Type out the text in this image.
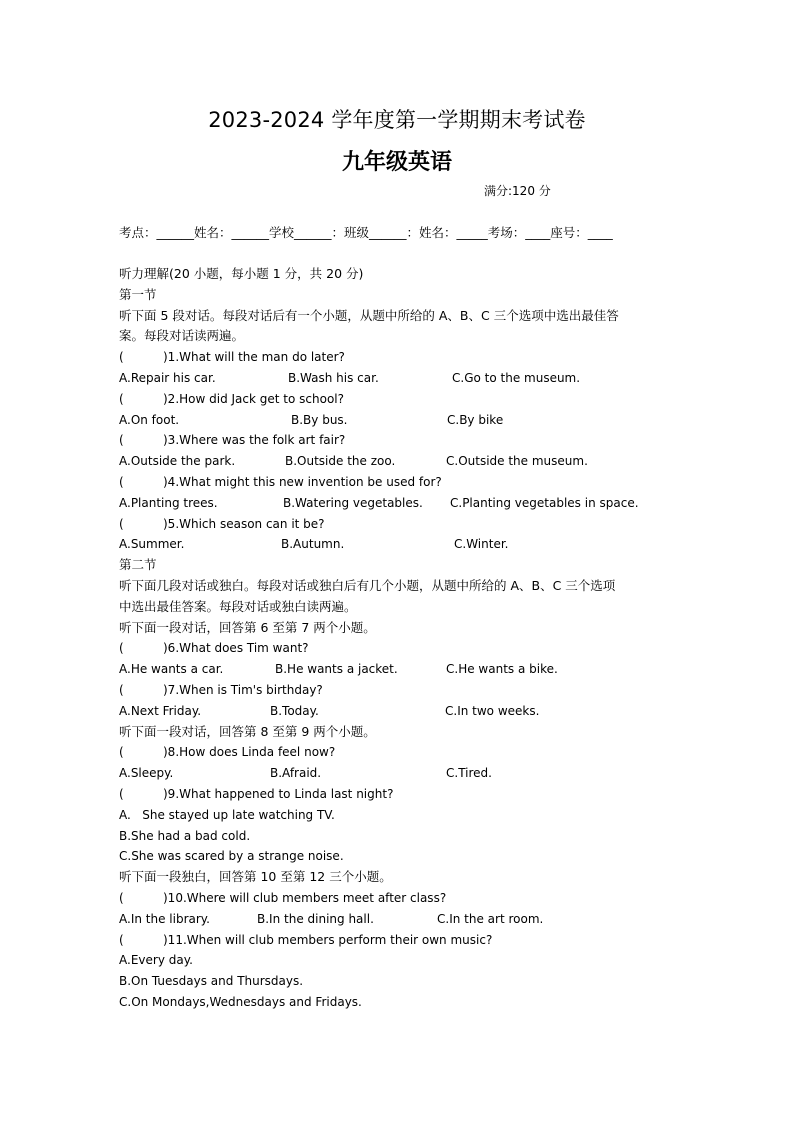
2023-2024 学年度第一学期期末考试卷
九年级英语
满分:120 分
考点：______姓名：______学校______：班级______：姓名：_____考场：____座号：____
听力理解(20 小题，每小题 1 分，共 20 分)
第一节
听下面 5 段对话。每段对话后有一个小题，从题中所给的 A、B、C 三个选项中选出最佳答
案。每段对话读两遍。
(	)1.What will the man do later?
A.Repair his car.	B.Wash his car.	C.Go to the museum.
(	)2.How did Jack get to school?
A.On foot.	B.By bus.	C.By bike
(	)3.Where was the folk art fair?
A.Outside the park.	B.Outside the zoo.	C.Outside the museum.
(	)4.What might this new invention be used for?
A.Planting trees.	B.Watering vegetables. C.Planting vegetables in space.
(	)5.Which season can it be?
A.Summer.	B.Autumn.	C.Winter.
第二节
听下面几段对话或独白。每段对话或独白后有几个小题，从题中所给的 A、B、C 三个选项
中选出最佳答案。每段对话或独白读两遍。
听下面一段对话，回答第 6 至第 7 两个小题。
(	)6.What does Tim want?
A.He wants a car.	B.He wants a jacket.	C.He wants a bike.
(	)7.When is Tim's birthday?
A.Next Friday.	B.Today.	C.In two weeks.
听下面一段对话，回答第 8 至第 9 两个小题。
(	)8.How does Linda feel now?
A.Sleepy.	B.Afraid.	C.Tired.
(	)9.What happened to Linda last night?
A.   She stayed up late watching TV.
B.She had a bad cold.
C.She was scared by a strange noise.
听下面一段独白，回答第 10 至第 12 三个小题。
(	)10.Where will club members meet after class?
A.In the library.	B.In the dining hall.	C.In the art room.
(	)11.When will club members perform their own music?
A.Every day.
B.On Tuesdays and Thursdays.
C.On Mondays,Wednesdays and Fridays.
